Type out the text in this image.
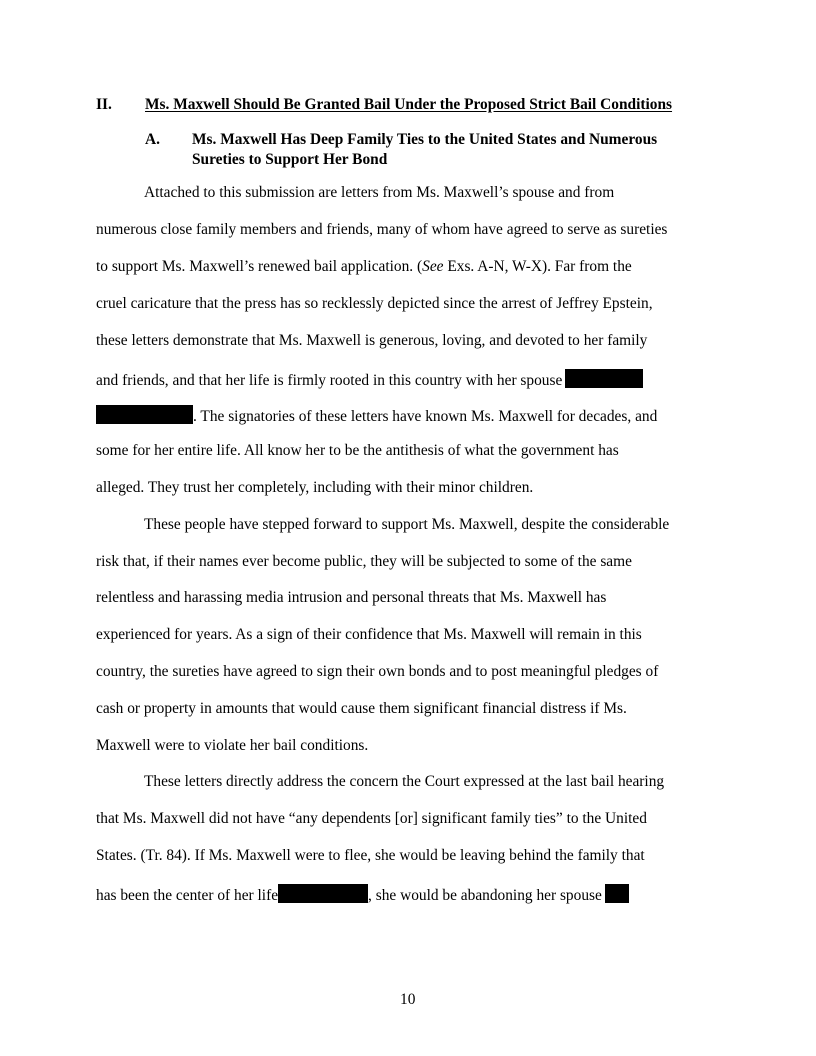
II. Ms. Maxwell Should Be Granted Bail Under the Proposed Strict Bail Conditions
A. Ms. Maxwell Has Deep Family Ties to the United States and Numerous
Sureties to Support Her Bond
Attached to this submission are letters from Ms. Maxwell’s spouse and from
numerous close family members and friends, many of whom have agreed to serve as sureties
to support Ms. Maxwell’s renewed bail application. (See Exs. A-N, W-X). Far from the
cruel caricature that the press has so recklessly depicted since the arrest of Jeffrey Epstein,
these letters demonstrate that Ms. Maxwell is generous, loving, and devoted to her family
and friends, and that her life is firmly rooted in this country with her spouse
. The signatories of these letters have known Ms. Maxwell for decades, and
some for her entire life. All know her to be the antithesis of what the government has
alleged. They trust her completely, including with their minor children.
These people have stepped forward to support Ms. Maxwell, despite the considerable
risk that, if their names ever become public, they will be subjected to some of the same
relentless and harassing media intrusion and personal threats that Ms. Maxwell has
experienced for years. As a sign of their confidence that Ms. Maxwell will remain in this
country, the sureties have agreed to sign their own bonds and to post meaningful pledges of
cash or property in amounts that would cause them significant financial distress if Ms.
Maxwell were to violate her bail conditions.
These letters directly address the concern the Court expressed at the last bail hearing
that Ms. Maxwell did not have “any dependents [or] significant family ties” to the United
States. (Tr. 84). If Ms. Maxwell were to flee, she would be leaving behind the family that
has been the center of her life	, she would be abandoning her spouse
10
